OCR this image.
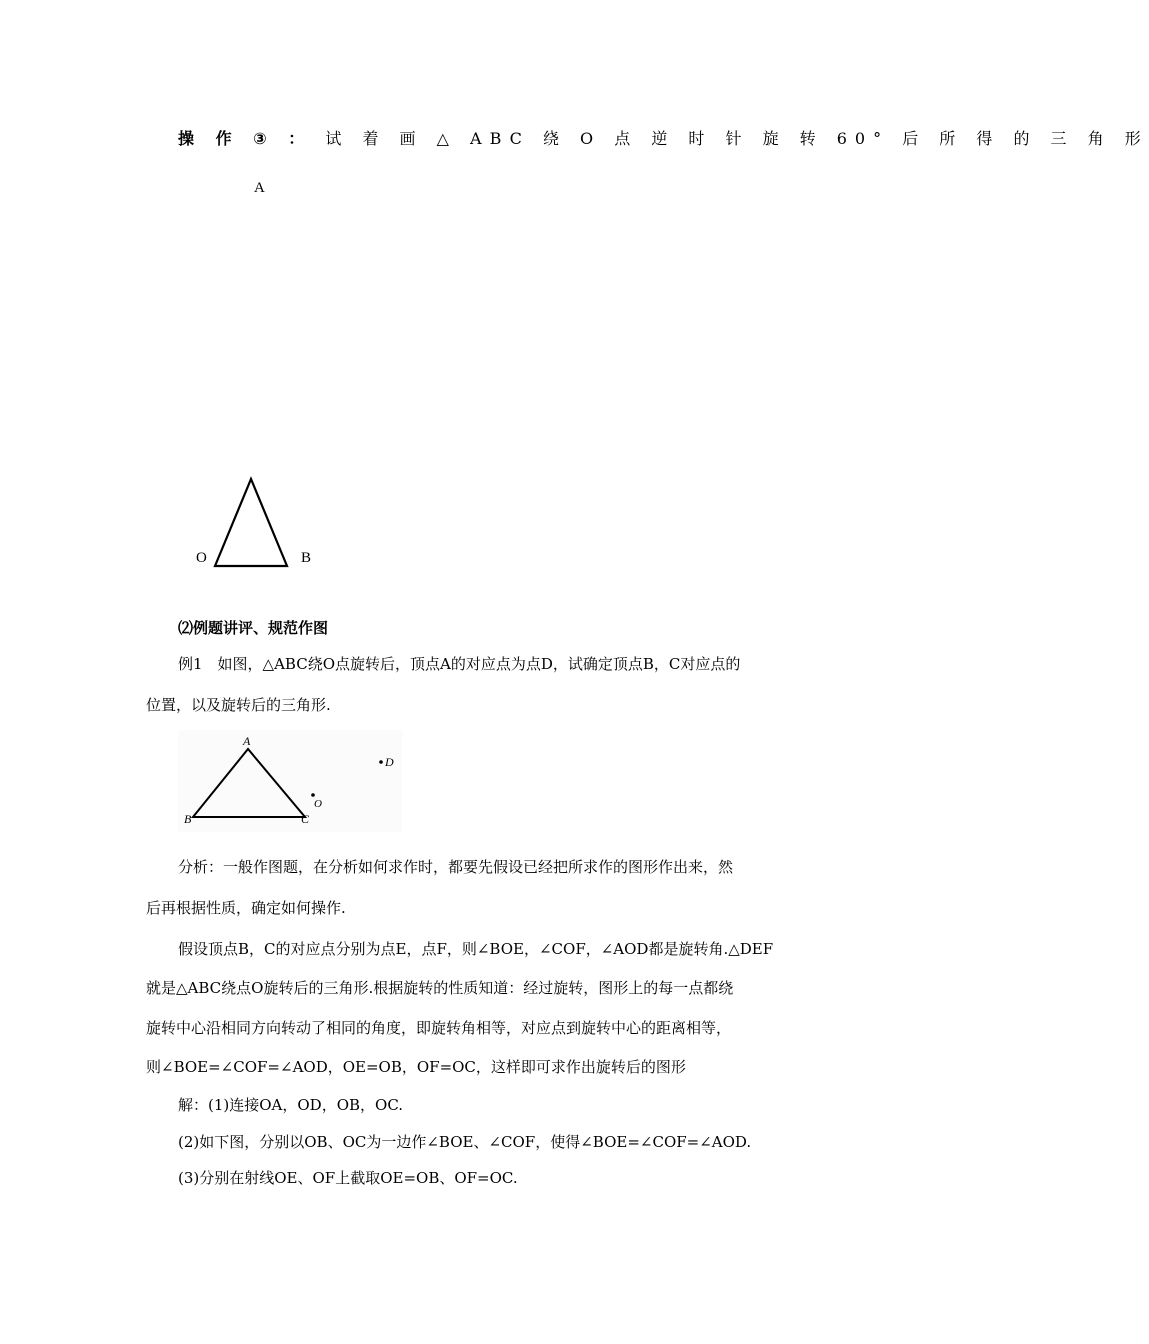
操 作 ③ ： 试 着 画 △ ABC 绕 O 点 逆 时 针 旋 转 60° 后 所 得 的 三 角 形
A
O	B
⑵例题讲评、规范作图
例1　如图，△ABC绕O点旋转后，顶点A的对应点为点D，试确定顶点B，C对应点的
位置，以及旋转后的三角形.
A
B	C
O
D
分析：一般作图题，在分析如何求作时，都要先假设已经把所求作的图形作出来，然
后再根据性质，确定如何操作.
假设顶点B，C的对应点分别为点E，点F，则∠BOE，∠COF，∠AOD都是旋转角.△DEF
就是△ABC绕点O旋转后的三角形.根据旋转的性质知道：经过旋转，图形上的每一点都绕
旋转中心沿相同方向转动了相同的角度，即旋转角相等，对应点到旋转中心的距离相等，
则∠BOE=∠COF=∠AOD，OE=OB，OF=OC，这样即可求作出旋转后的图形
解：(1)连接OA，OD，OB，OC.
(2)如下图，分别以OB、OC为一边作∠BOE、∠COF，使得∠BOE=∠COF=∠AOD.
(3)分别在射线OE、OF上截取OE=OB、OF=OC.
